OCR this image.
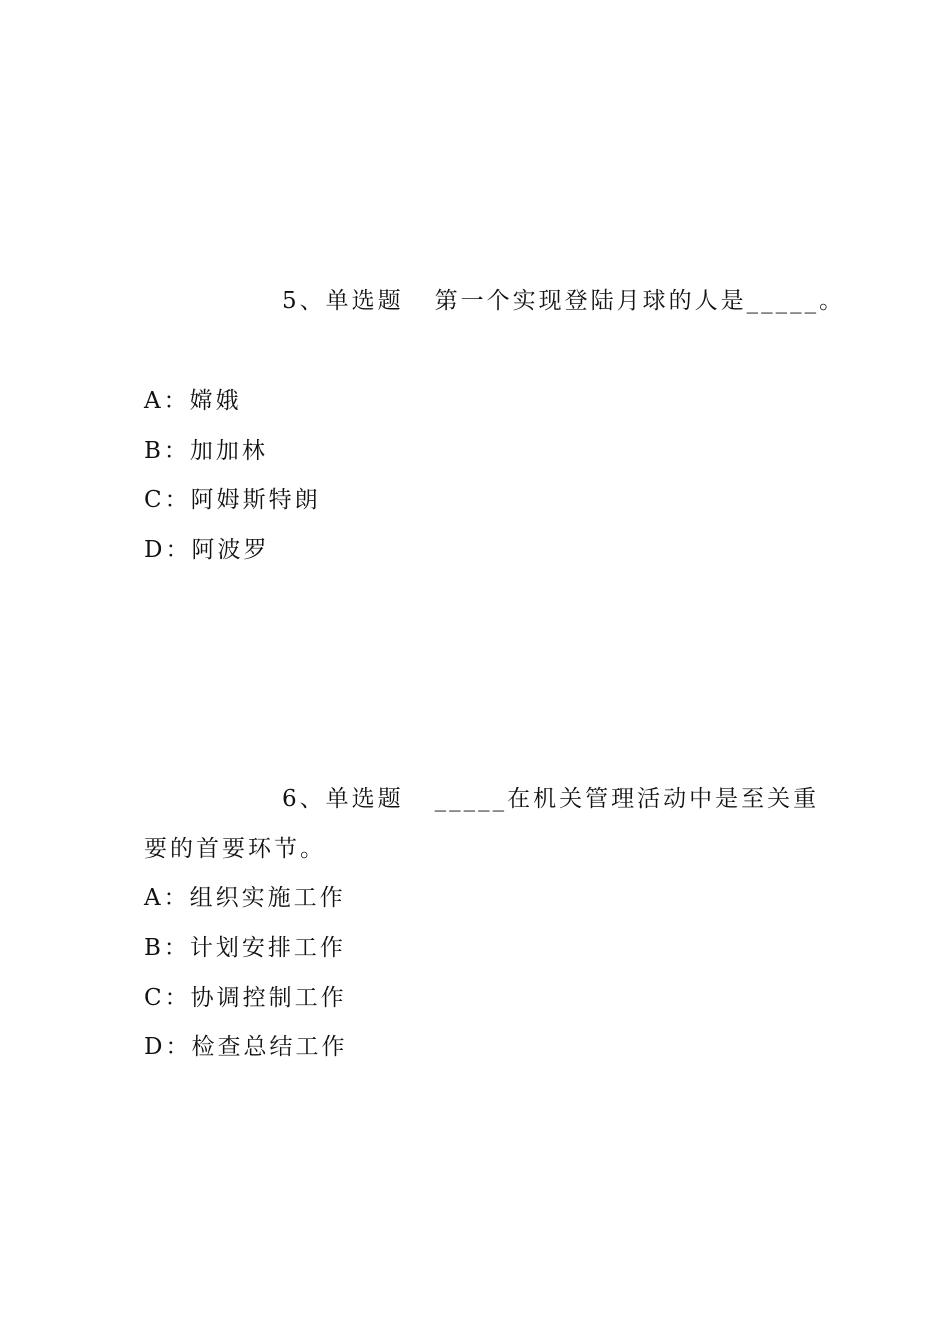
5、单选题   第一个实现登陆月球的人是_____。
A：嫦娥
B：加加林
C：阿姆斯特朗
D：阿波罗
6、单选题   _____在机关管理活动中是至关重
要的首要环节。
A：组织实施工作
B：计划安排工作
C：协调控制工作
D：检查总结工作
